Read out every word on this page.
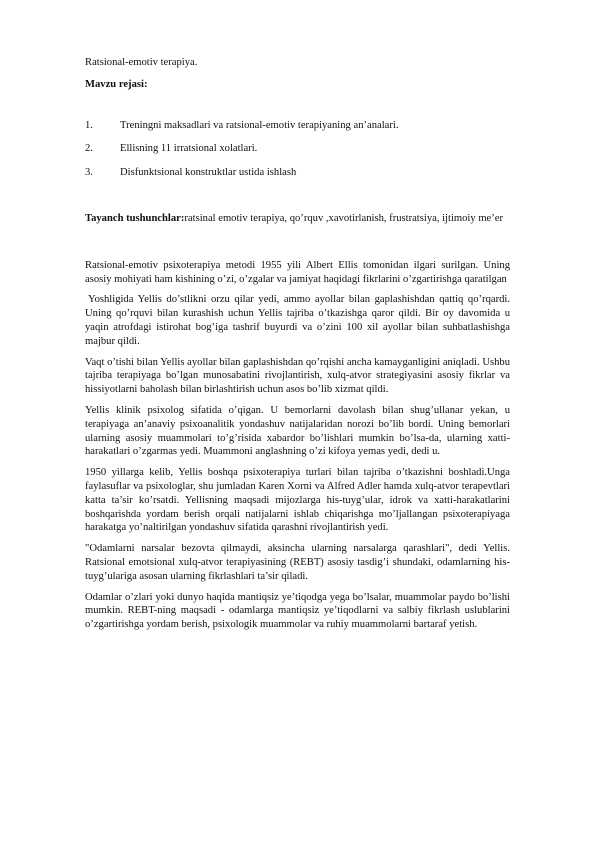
Ratsional-emotiv terapiya.

Mavzu rejasi:

1.	Treningni maksadlari va ratsional-emotiv terapiyaning an’analari.
2.	Ellisning 11 irratsional xolatlari.
3.	Disfunktsional konstruktlar ustida ishlash

Tayanch tushunchlar:ratsinal emotiv terapiya, qo’rquv ,xavotirlanish, frustratsiya, ijtimoiy me’er

Ratsional-emotiv psixoterapiya metodi 1955 yili Albert Ellis tomonidan ilgari surilgan. Uning asosiy mohiyati ham kishining o’zi, o’zgalar va jamiyat haqidagi fikrlarini o’zgartirishga qaratilgan

Yoshligida Yellis do’stlikni orzu qilar yedi, ammo ayollar bilan gaplashishdan qattiq qo’rqardi. Uning qo’rquvi bilan kurashish uchun Yellis tajriba o’tkazishga qaror qildi. Bir oy davomida u yaqin atrofdagi istirohat bog’iga tashrif buyurdi va o’zini 100 xil ayollar bilan suhbatlashishga majbur qildi.

Vaqt o’tishi bilan Yellis ayollar bilan gaplashishdan qo’rqishi ancha kamayganligini aniqladi. Ushbu tajriba terapiyaga bo’lgan munosabatini rivojlantirish, xulq-atvor strategiyasini asosiy fikrlar va hissiyotlarni baholash bilan birlashtirish uchun asos bo’lib xizmat qildi.

Yellis klinik psixolog sifatida o’qigan. U bemorlarni davolash bilan shug’ullanar yekan, u terapiyaga an’anaviy psixoanalitik yondashuv natijalaridan norozi bo’lib bordi. Uning bemorlari ularning asosiy muammolari to’g’risida xabardor bo’lishlari mumkin bo’lsa-da, ularning xatti-harakatlari o’zgarmas yedi. Muammoni anglashning o’zi kifoya yemas yedi, dedi u.

1950 yillarga kelib, Yellis boshqa psixoterapiya turlari bilan tajriba o’tkazishni boshladi.Unga faylasuflar va psixologlar, shu jumladan Karen Xorni va Alfred Adler hamda xulq-atvor terapevtlari katta ta’sir ko’rsatdi. Yellisning maqsadi mijozlarga his-tuyg’ular, idrok va xatti-harakatlarini boshqarishda yordam berish orqali natijalarni ishlab chiqarishga mo’ljallangan psixoterapiyaga harakatga yo’naltirilgan yondashuv sifatida qarashni rivojlantirish yedi.

"Odamlarni narsalar bezovta qilmaydi, aksincha ularning narsalarga qarashlari", dedi Yellis. Ratsional emotsional xulq-atvor terapiyasining (REBT) asosiy tasdig’i shundaki, odamlarning his-tuyg’ulariga asosan ularning fikrlashlari ta’sir qiladi.

Odamlar o’zlari yoki dunyo haqida mantiqsiz ye’tiqodga yega bo’lsalar, muammolar paydo bo’lishi mumkin. REBT-ning maqsadi - odamlarga mantiqsiz ye’tiqodlarni va salbiy fikrlash uslublarini o’zgartirishga yordam berish, psixologik muammolar va ruhiy muammolarni bartaraf yetish.
